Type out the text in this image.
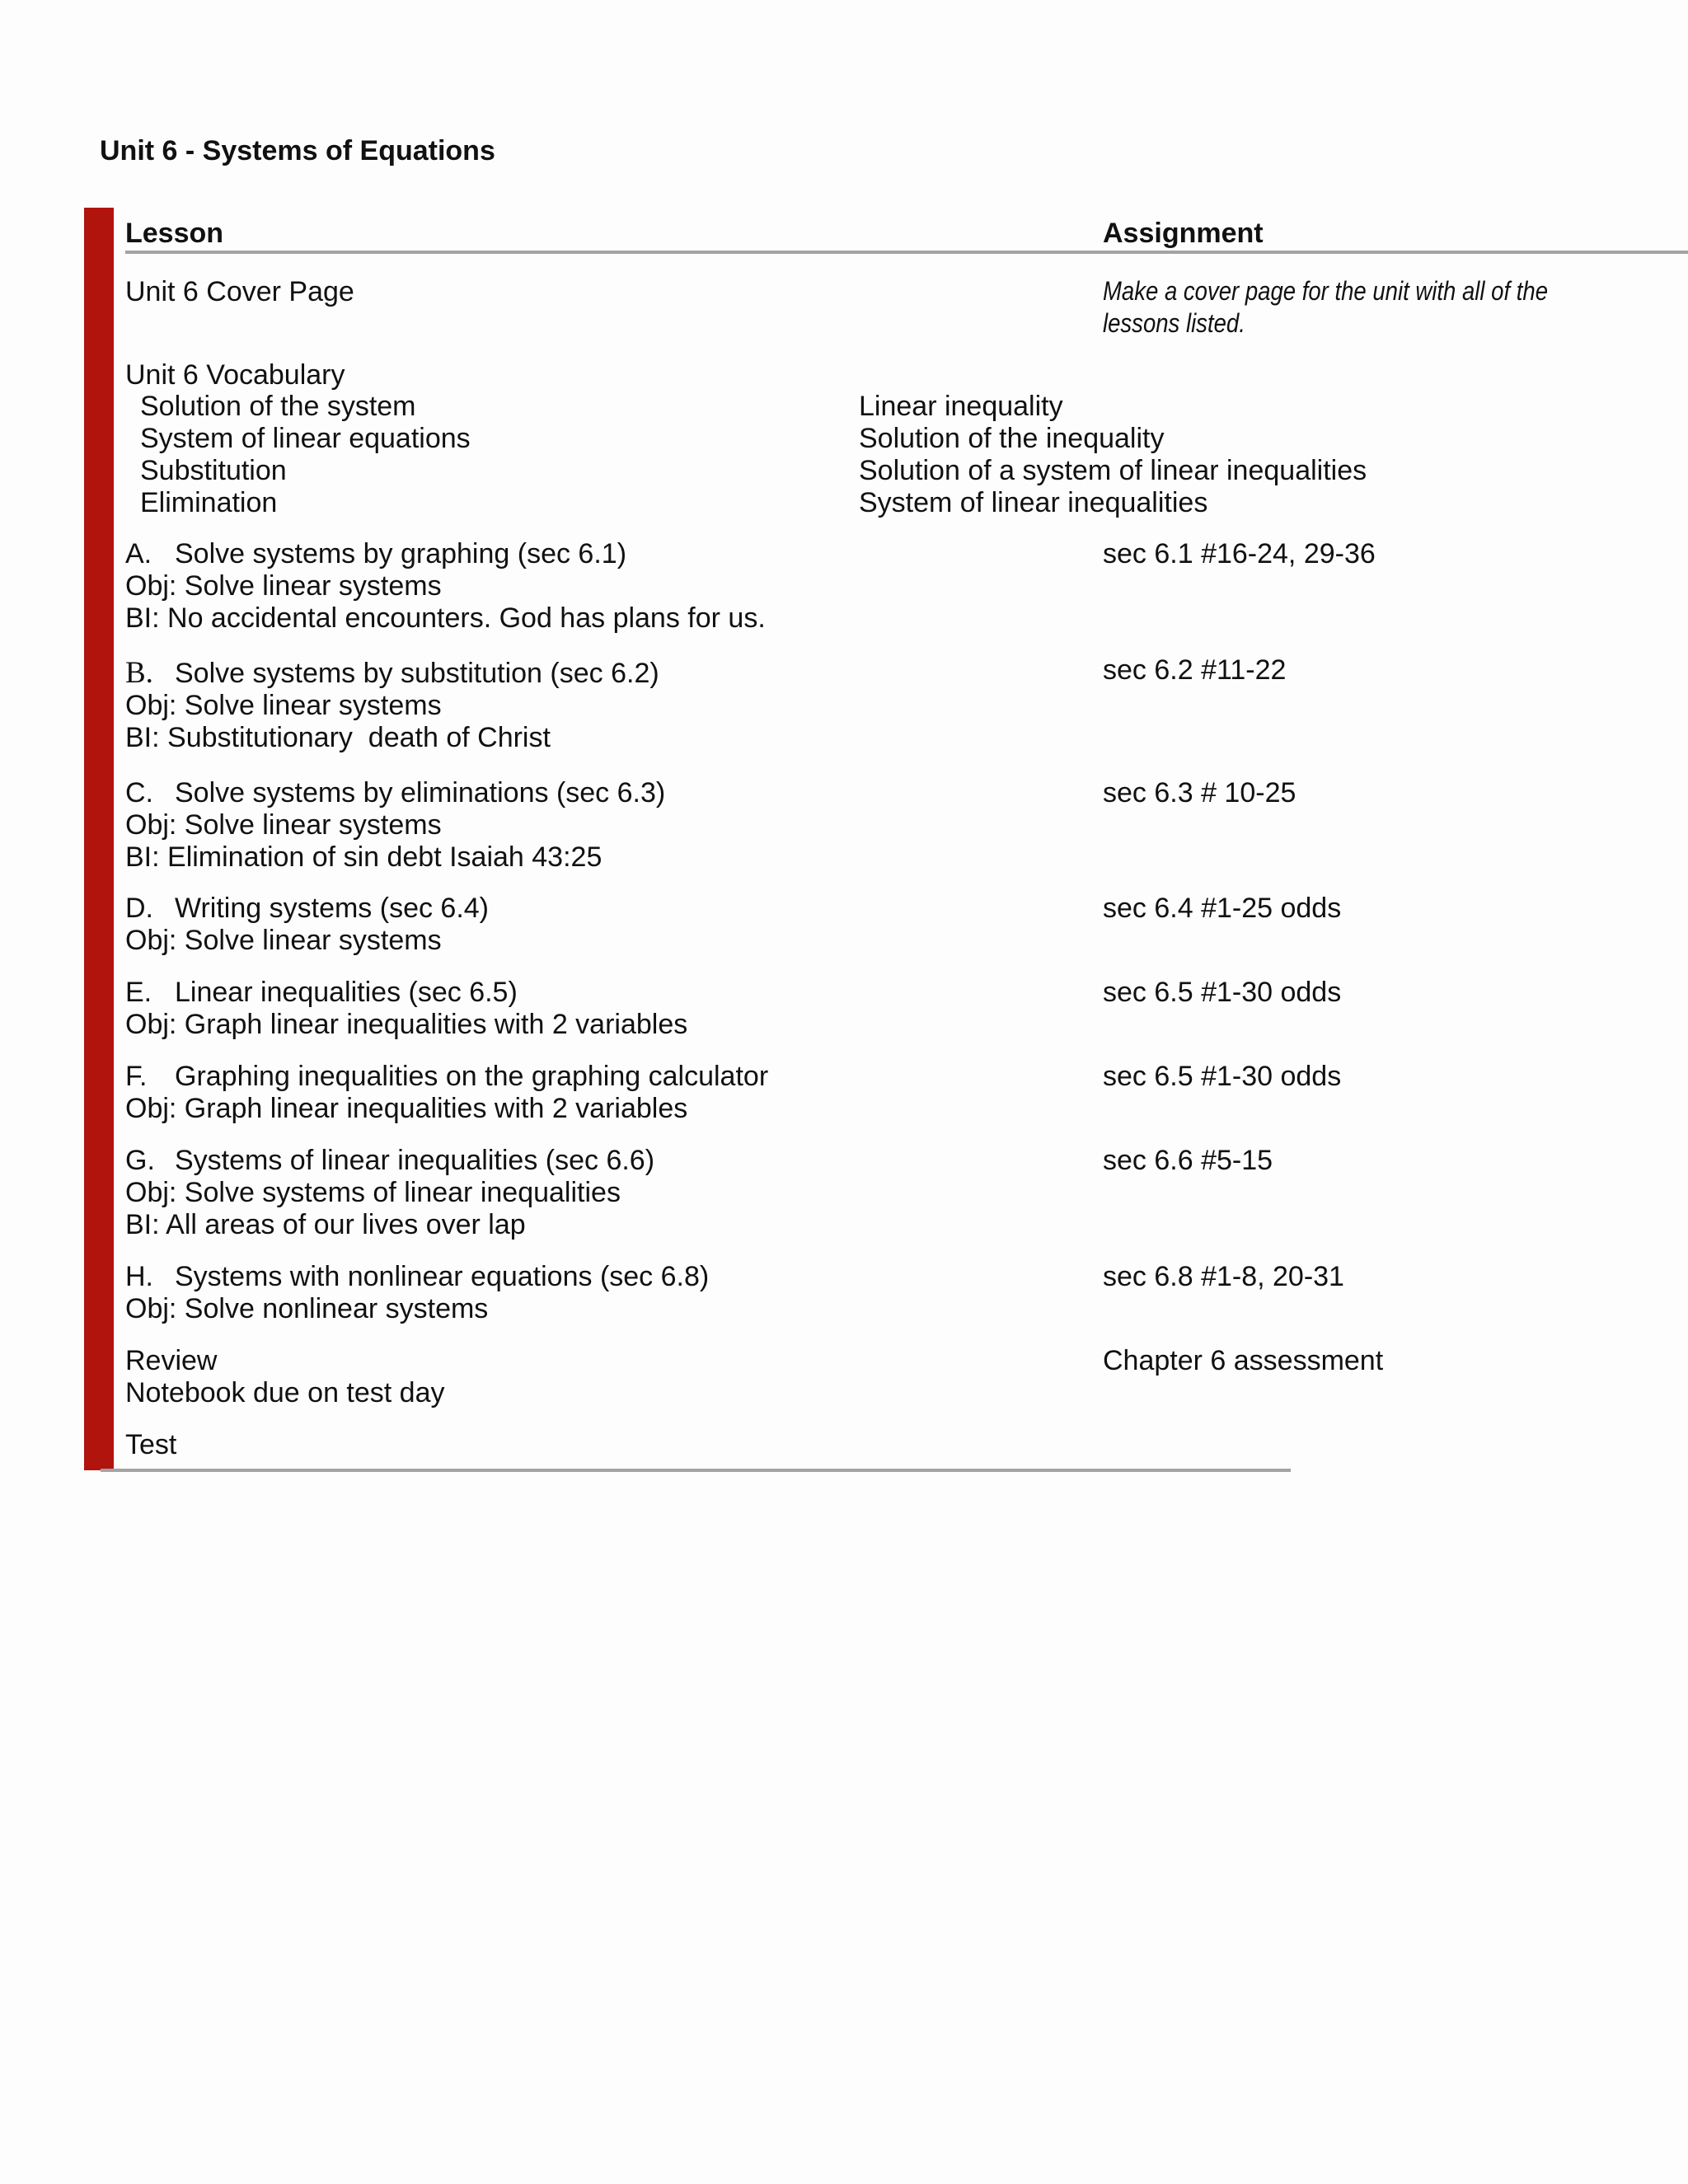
Unit 6 - Systems of Equations
Lesson	Assignment
Unit 6 Cover Page	Make a cover page for the unit with all of the
lessons listed.
Unit 6 Vocabulary
Solution of the system
System of linear equations
Substitution
Elimination
Linear inequality
Solution of the inequality
Solution of a system of linear inequalities
System of linear inequalities
A. Solve systems by graphing (sec 6.1)
Obj: Solve linear systems
BI: No accidental encounters. God has plans for us.
sec 6.1 #16-24, 29-36
B. Solve systems by substitution (sec 6.2)
Obj: Solve linear systems
BI: Substitutionary  death of Christ
sec 6.2 #11-22
C. Solve systems by eliminations (sec 6.3)
Obj: Solve linear systems
BI: Elimination of sin debt Isaiah 43:25
sec 6.3 # 10-25
D. Writing systems (sec 6.4)
Obj: Solve linear systems
sec 6.4 #1-25 odds
E. Linear inequalities (sec 6.5)
Obj: Graph linear inequalities with 2 variables
sec 6.5 #1-30 odds
F. Graphing inequalities on the graphing calculator
Obj: Graph linear inequalities with 2 variables
sec 6.5 #1-30 odds
G. Systems of linear inequalities (sec 6.6)
Obj: Solve systems of linear inequalities
BI: All areas of our lives over lap
sec 6.6 #5-15
H. Systems with nonlinear equations (sec 6.8)
Obj: Solve nonlinear systems
sec 6.8 #1-8, 20-31
Review
Notebook due on test day
Chapter 6 assessment
Test
